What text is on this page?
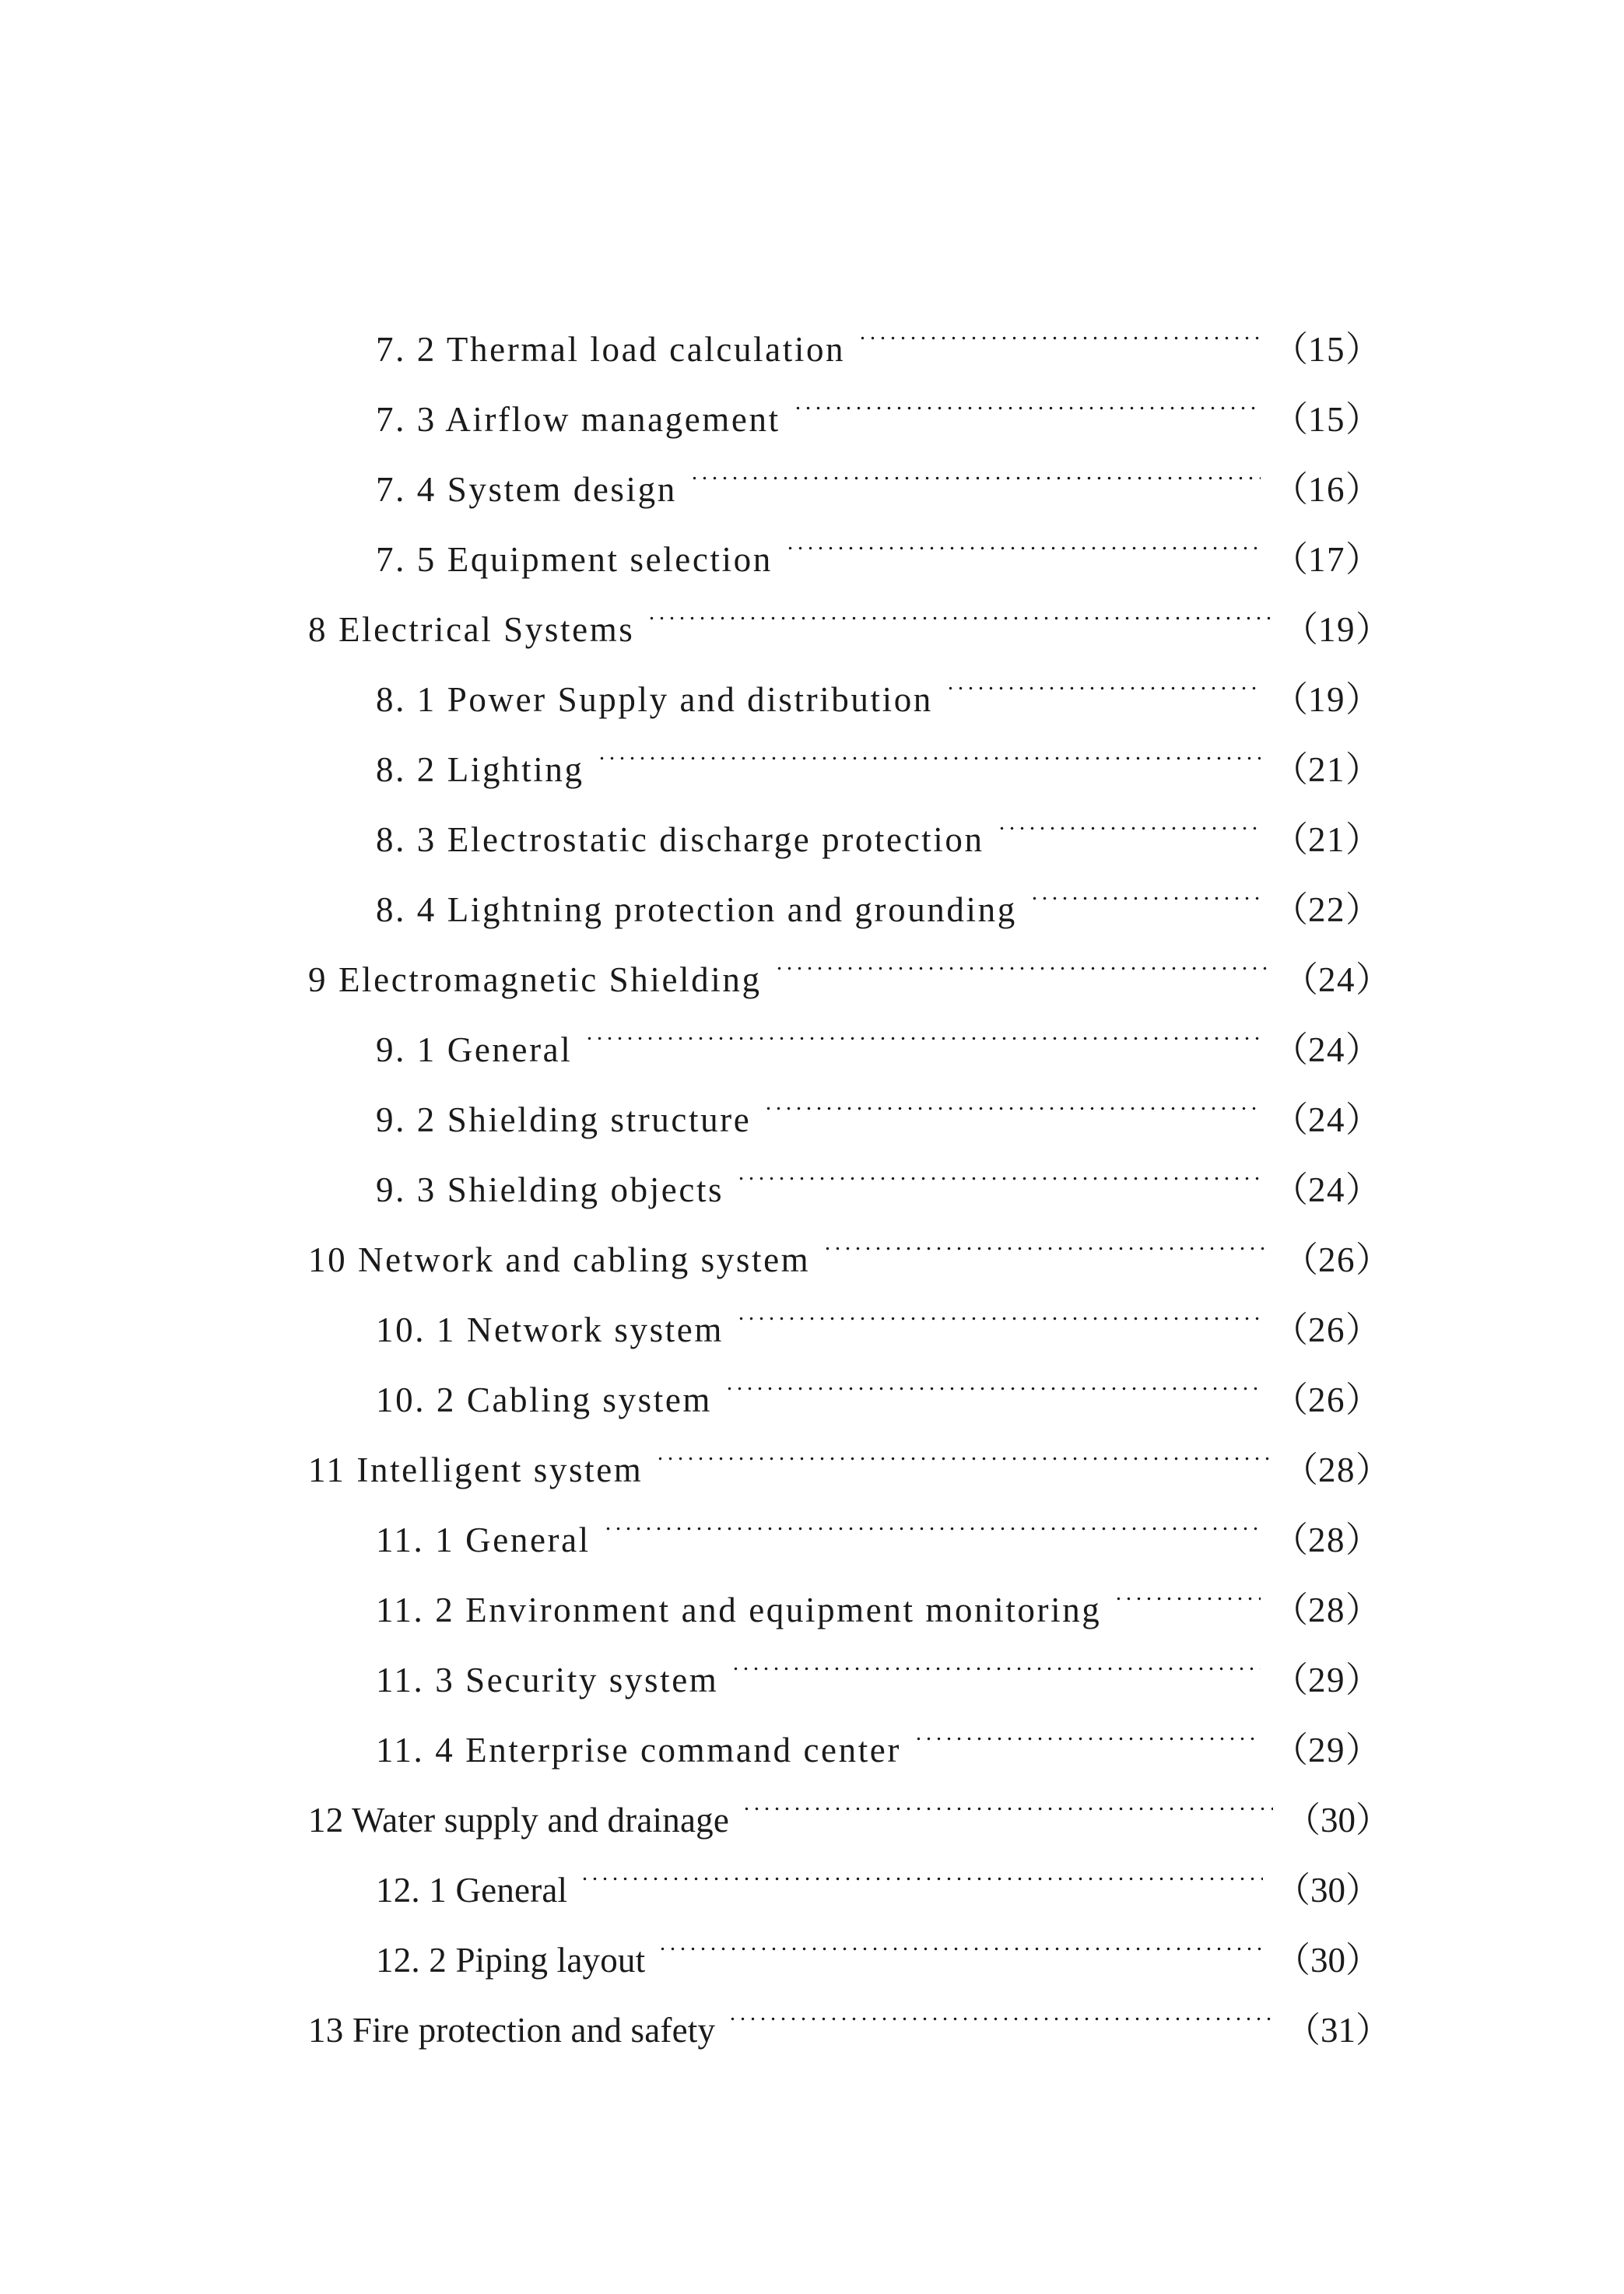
7. 2 Thermal load calculation	（15）
7. 3 Airflow management	（15）
7. 4 System design	（16）
7. 5 Equipment selection	（17）
8 Electrical Systems	（19）
8. 1 Power Supply and distribution	（19）
8. 2 Lighting	（21）
8. 3 Electrostatic discharge protection	（21）
8. 4 Lightning protection and grounding	（22）
9 Electromagnetic Shielding	（24）
9. 1 General	（24）
9. 2 Shielding structure	（24）
9. 3 Shielding objects	（24）
10 Network and cabling system	（26）
10. 1 Network system	（26）
10. 2 Cabling system	（26）
11 Intelligent system	（28）
11. 1 General	（28）
11. 2 Environment and equipment monitoring	（28）
11. 3 Security system	（29）
11. 4 Enterprise command center	（29）
12 Water supply and drainage	（30）
12. 1 General	（30）
12. 2 Piping layout	（30）
13 Fire protection and safety	（31）
